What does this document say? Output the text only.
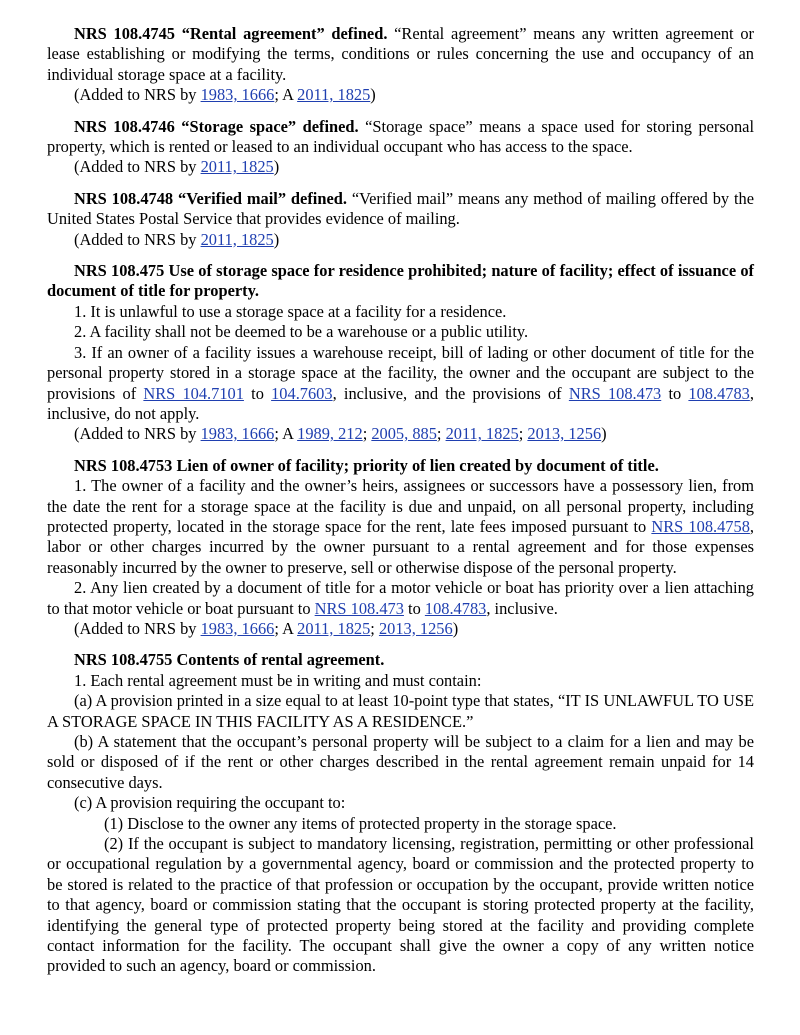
NRS 108.4745 “Rental agreement” defined. “Rental agreement” means any written agreement or lease establishing or modifying the terms, conditions or rules concerning the use and occupancy of an individual storage space at a facility.

(Added to NRS by 1983, 1666; A 2011, 1825)

NRS 108.4746 “Storage space” defined. “Storage space” means a space used for storing personal property, which is rented or leased to an individual occupant who has access to the space.

(Added to NRS by 2011, 1825)

NRS 108.4748 “Verified mail” defined. “Verified mail” means any method of mailing offered by the United States Postal Service that provides evidence of mailing.

(Added to NRS by 2011, 1825)

NRS 108.475 Use of storage space for residence prohibited; nature of facility; effect of issuance of document of title for property.

1. It is unlawful to use a storage space at a facility for a residence.

2. A facility shall not be deemed to be a warehouse or a public utility.

3. If an owner of a facility issues a warehouse receipt, bill of lading or other document of title for the personal property stored in a storage space at the facility, the owner and the occupant are subject to the provisions of NRS 104.7101 to 104.7603, inclusive, and the provisions of NRS 108.473 to 108.4783, inclusive, do not apply.

(Added to NRS by 1983, 1666; A 1989, 212; 2005, 885; 2011, 1825; 2013, 1256)

NRS 108.4753 Lien of owner of facility; priority of lien created by document of title.

1. The owner of a facility and the owner’s heirs, assignees or successors have a possessory lien, from the date the rent for a storage space at the facility is due and unpaid, on all personal property, including protected property, located in the storage space for the rent, late fees imposed pursuant to NRS 108.4758, labor or other charges incurred by the owner pursuant to a rental agreement and for those expenses reasonably incurred by the owner to preserve, sell or otherwise dispose of the personal property.

2. Any lien created by a document of title for a motor vehicle or boat has priority over a lien attaching to that motor vehicle or boat pursuant to NRS 108.473 to 108.4783, inclusive.

(Added to NRS by 1983, 1666; A 2011, 1825; 2013, 1256)

NRS 108.4755 Contents of rental agreement.

1. Each rental agreement must be in writing and must contain:

(a) A provision printed in a size equal to at least 10-point type that states, “IT IS UNLAWFUL TO USE A STORAGE SPACE IN THIS FACILITY AS A RESIDENCE.”

(b) A statement that the occupant’s personal property will be subject to a claim for a lien and may be sold or disposed of if the rent or other charges described in the rental agreement remain unpaid for 14 consecutive days.

(c) A provision requiring the occupant to:

(1) Disclose to the owner any items of protected property in the storage space.

(2) If the occupant is subject to mandatory licensing, registration, permitting or other professional or occupational regulation by a governmental agency, board or commission and the protected property to be stored is related to the practice of that profession or occupation by the occupant, provide written notice to that agency, board or commission stating that the occupant is storing protected property at the facility, identifying the general type of protected property being stored at the facility and providing complete contact information for the facility. The occupant shall give the owner a copy of any written notice provided to such an agency, board or commission.
